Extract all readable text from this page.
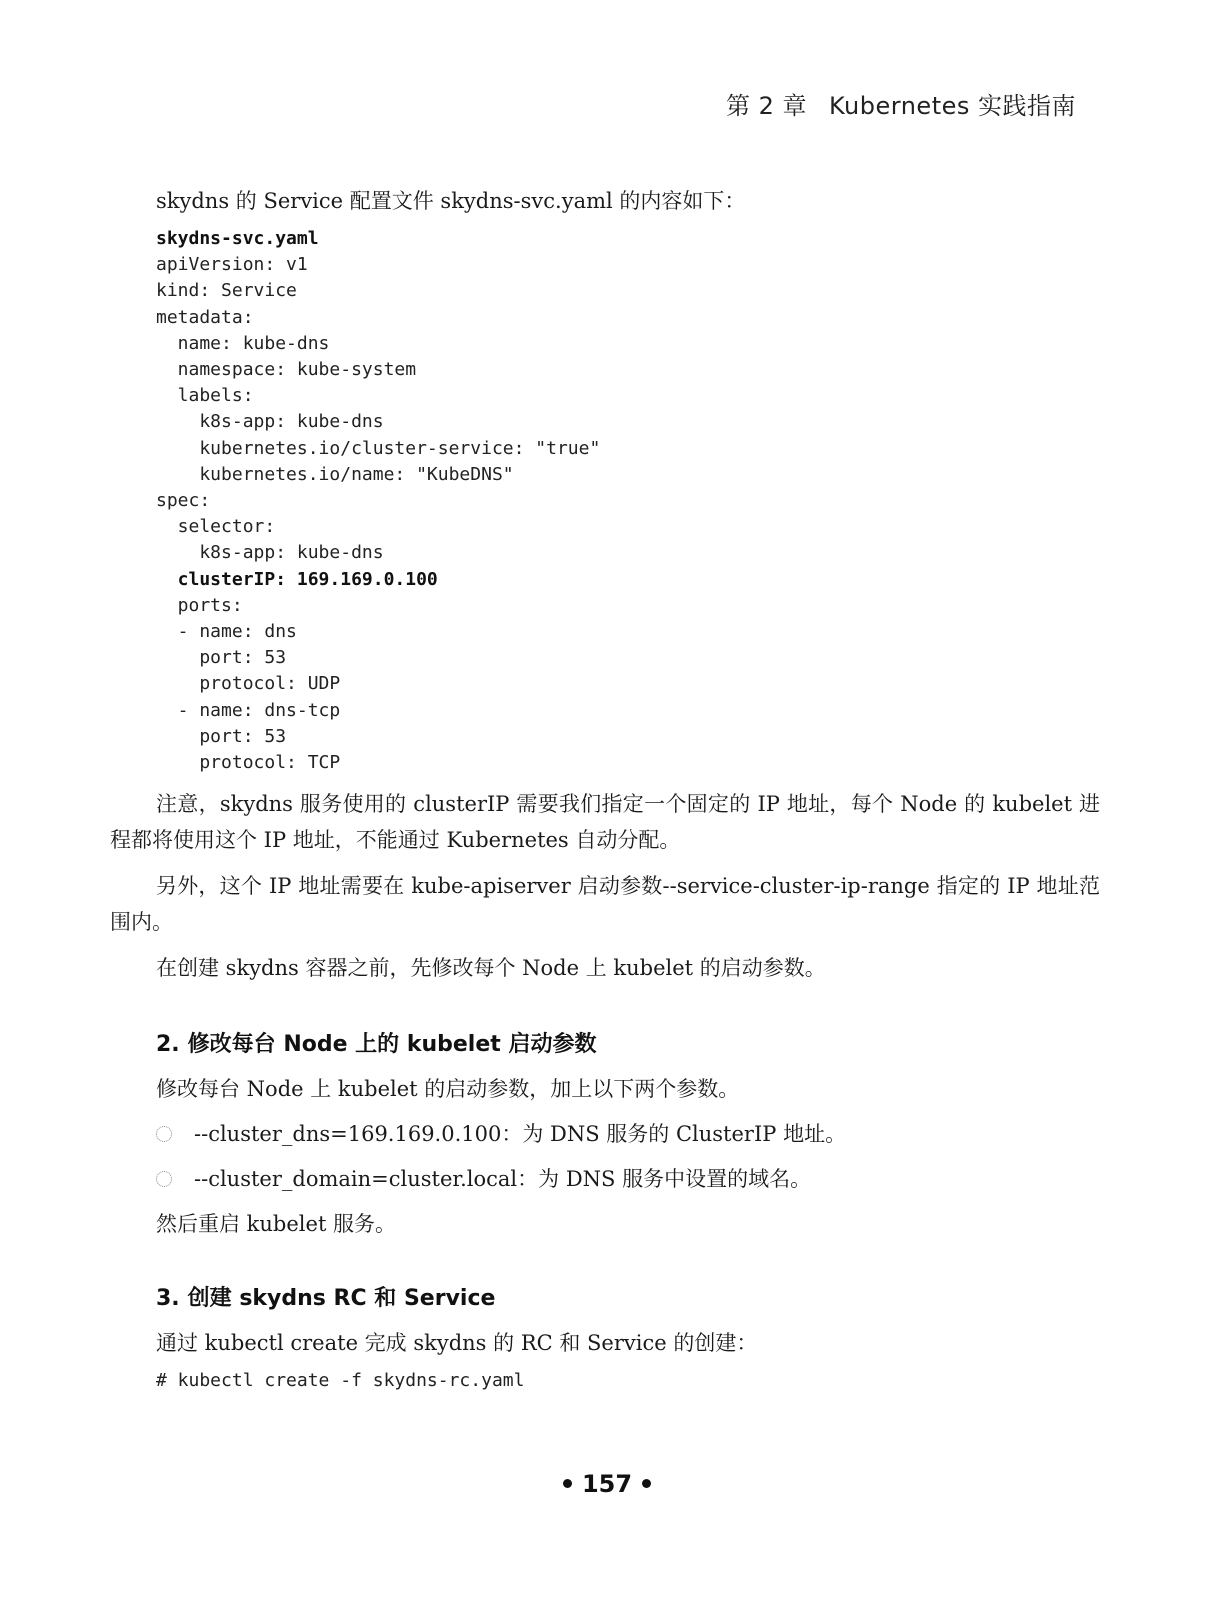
第 2 章 Kubernetes 实践指南
skydns 的 Service 配置文件 skydns-svc.yaml 的内容如下：
skydns-svc.yaml
apiVersion: v1
kind: Service
metadata:
name: kube-dns
namespace: kube-system
labels:
k8s-app: kube-dns
kubernetes.io/cluster-service: "true"
kubernetes.io/name: "KubeDNS"
spec:
selector:
k8s-app: kube-dns
clusterIP: 169.169.0.100
ports:
- name: dns
port: 53
protocol: UDP
- name: dns-tcp
port: 53
protocol: TCP
注意，skydns 服务使用的 clusterIP 需要我们指定一个固定的 IP 地址，每个 Node 的 kubelet 进程都将使用这个 IP 地址，不能通过 Kubernetes 自动分配。
另外，这个 IP 地址需要在 kube-apiserver 启动参数--service-cluster-ip-range 指定的 IP 地址范围内。
在创建 skydns 容器之前，先修改每个 Node 上 kubelet 的启动参数。
2. 修改每台 Node 上的 kubelet 启动参数
修改每台 Node 上 kubelet 的启动参数，加上以下两个参数。
--cluster_dns=169.169.0.100：为 DNS 服务的 ClusterIP 地址。
--cluster_domain=cluster.local：为 DNS 服务中设置的域名。
然后重启 kubelet 服务。
3. 创建 skydns RC 和 Service
通过 kubectl create 完成 skydns 的 RC 和 Service 的创建：
# kubectl create -f skydns-rc.yaml
157
